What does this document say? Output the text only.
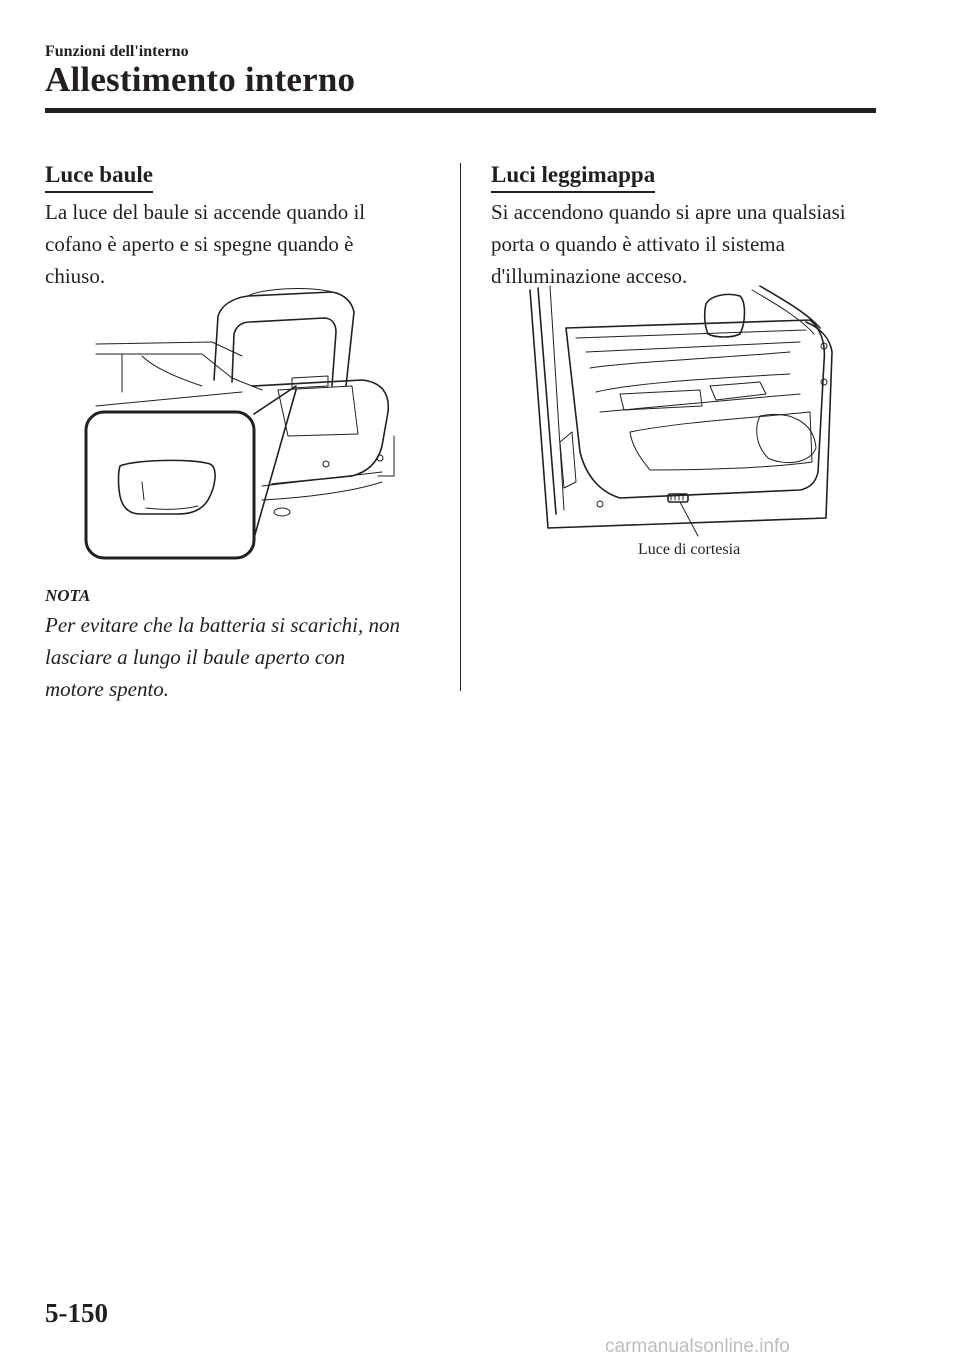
Funzioni dell'interno
Allestimento interno
Luce baule
La luce del baule si accende quando il
cofano è aperto e si spegne quando è
chiuso.
NOTA
Per evitare che la batteria si scarichi, non
lasciare a lungo il baule aperto con
motore spento.
Luci leggimappa
Si accendono quando si apre una qualsiasi
porta o quando è attivato il sistema
d'illuminazione acceso.
Luce di cortesia
5-150
carmanualsonline.info
